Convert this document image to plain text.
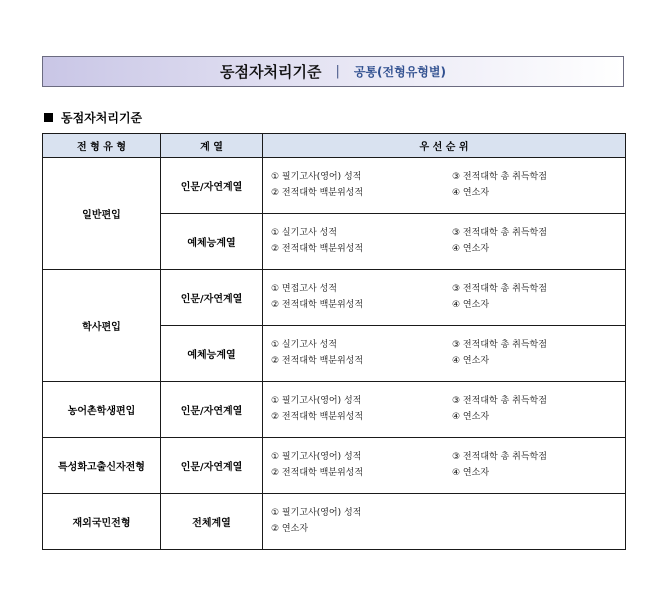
동점자처리기준 | 공통(전형유형별)
동점자처리기준
전 형 유 형	계 열	우 선 순 위
일반편입	인문/자연계열	① 필기고사(영어) 성적 ③ 전적대학 총 취득학점
② 전적대학 백분위성적 ④ 연소자

	예체능계열	① 실기고사 성적 ③ 전적대학 총 취득학점
② 전적대학 백분위성적 ④ 연소자

학사편입	인문/자연계열	① 면접고사 성적 ③ 전적대학 총 취득학점
② 전적대학 백분위성적 ④ 연소자

	예체능계열	① 실기고사 성적 ③ 전적대학 총 취득학점
② 전적대학 백분위성적 ④ 연소자

농어촌학생편입	인문/자연계열	① 필기고사(영어) 성적 ③ 전적대학 총 취득학점
② 전적대학 백분위성적 ④ 연소자

특성화고출신자전형	인문/자연계열	① 필기고사(영어) 성적 ③ 전적대학 총 취득학점
② 전적대학 백분위성적 ④ 연소자

재외국민전형	전체계열	① 필기고사(영어) 성적
② 연소자
